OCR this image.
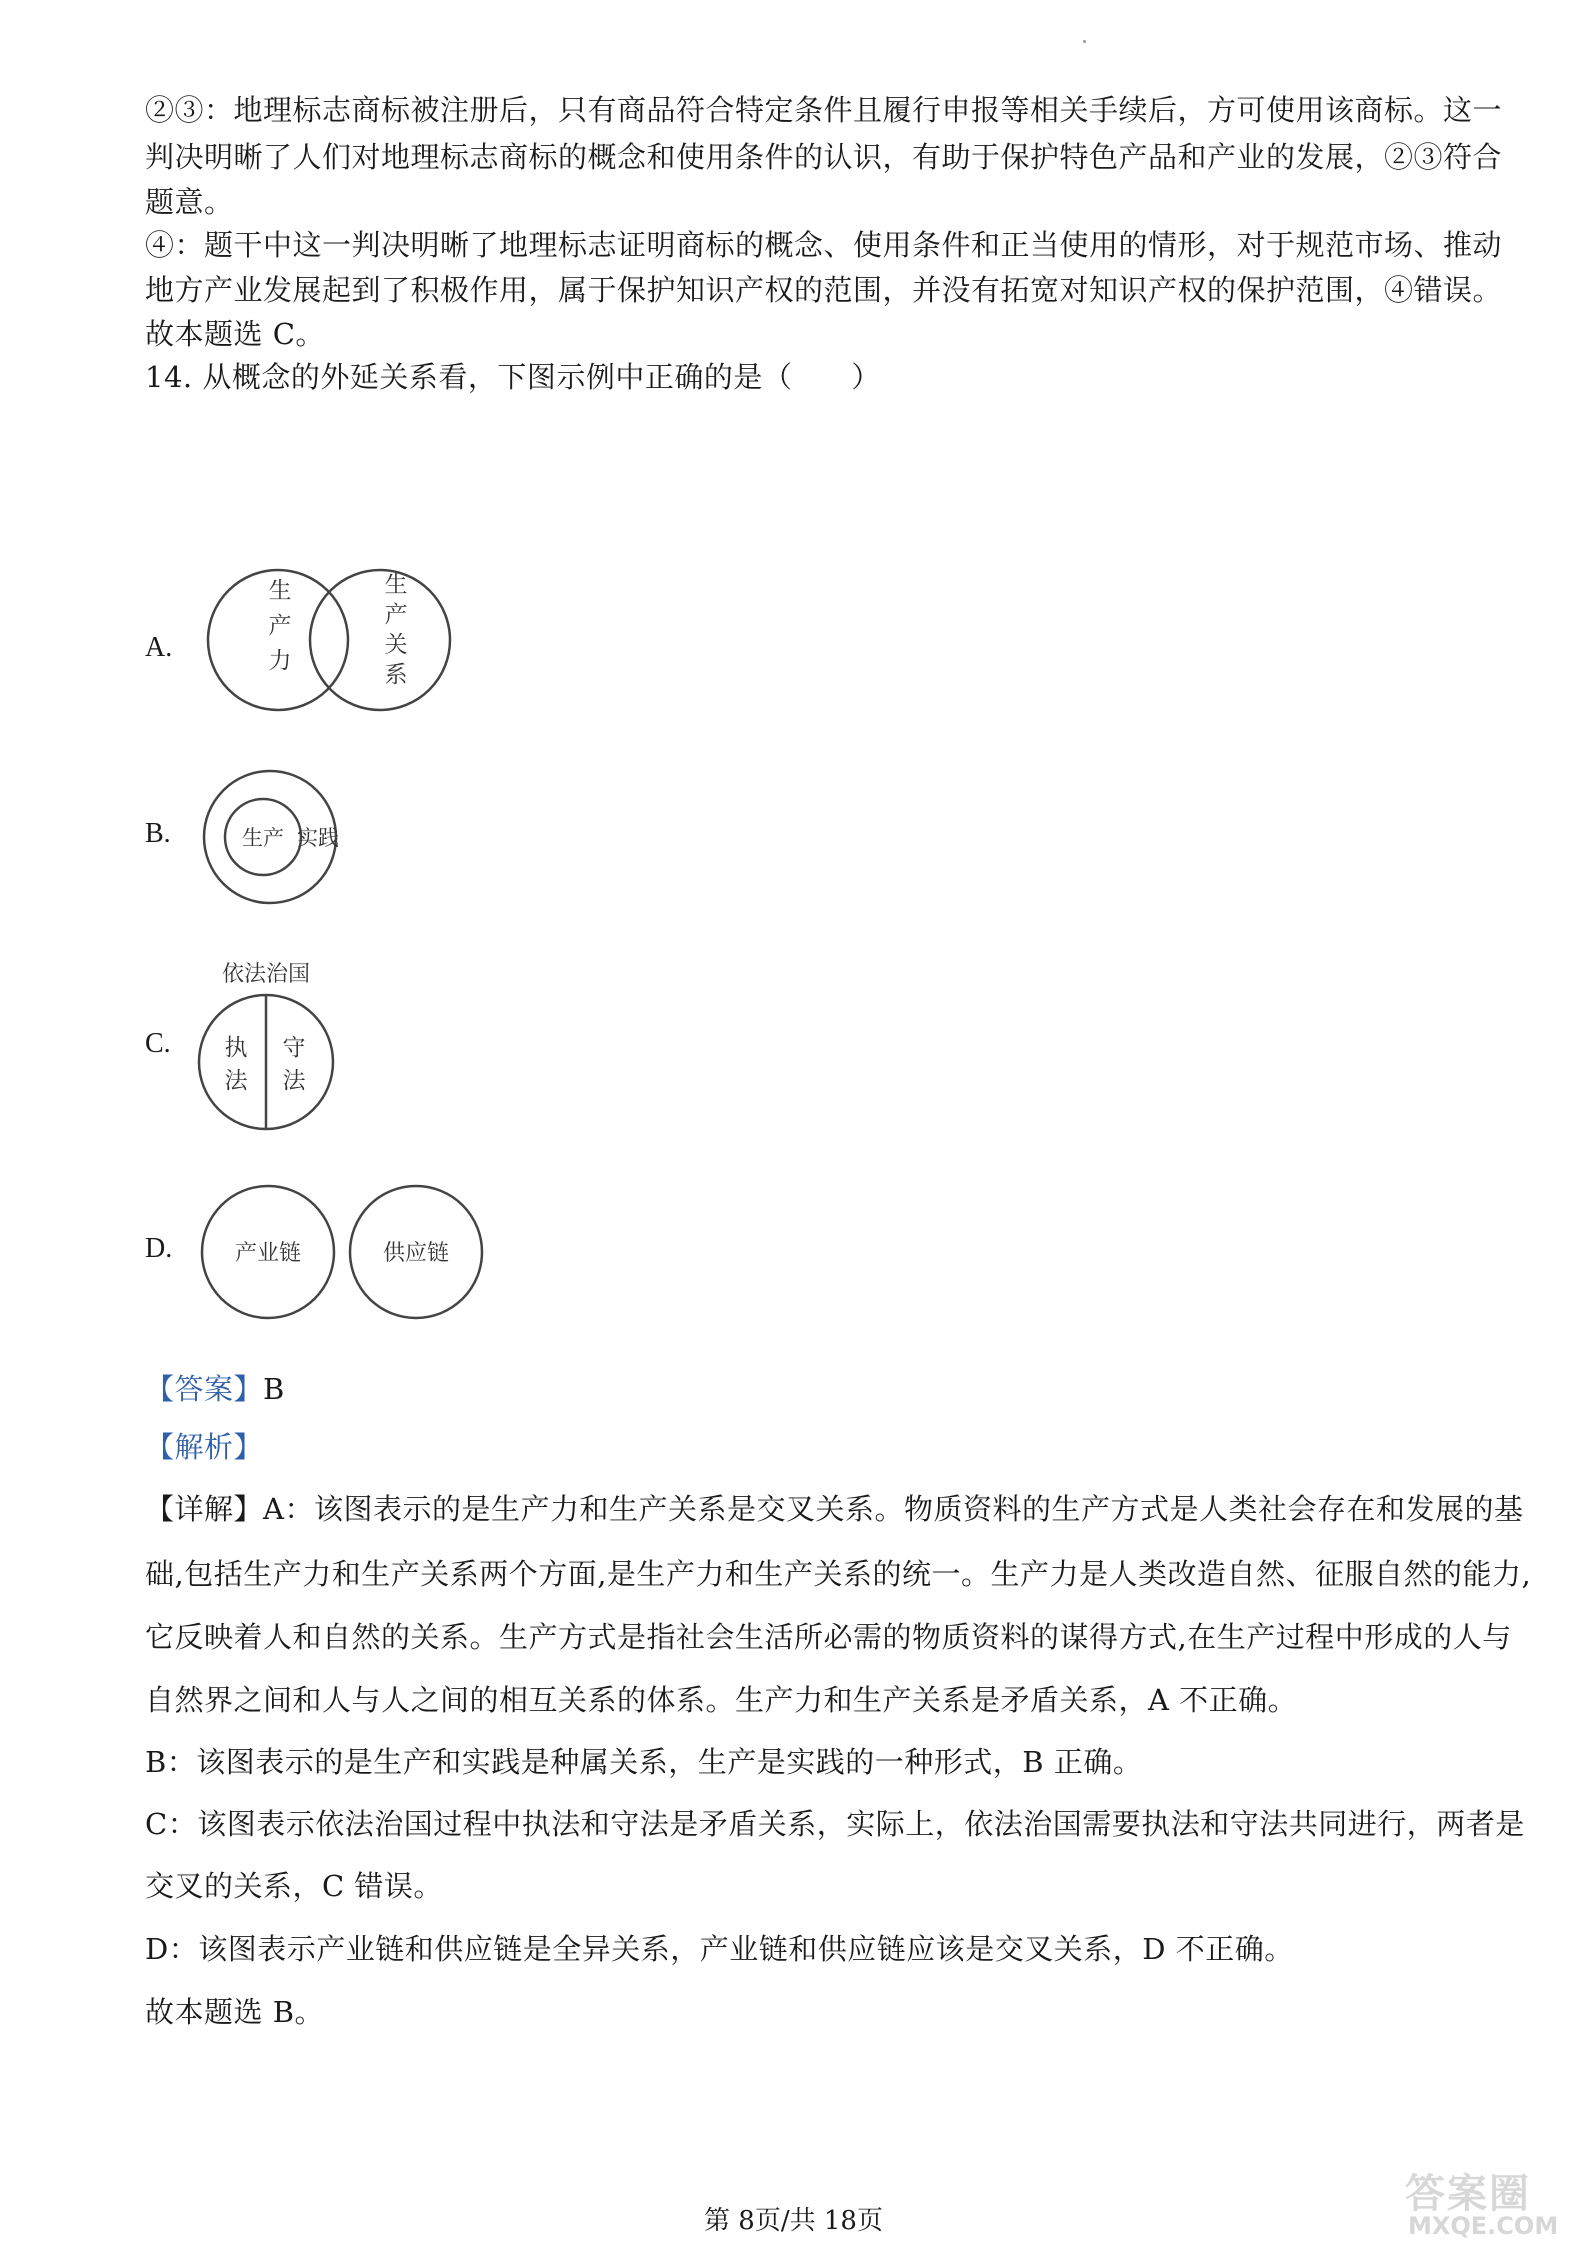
②③：地理标志商标被注册后，只有商品符合特定条件且履行申报等相关手续后，方可使用该商标。这一
判决明晰了人们对地理标志商标的概念和使用条件的认识，有助于保护特色产品和产业的发展，②③符合
题意。
④：题干中这一判决明晰了地理标志证明商标的概念、使用条件和正当使用的情形，对于规范市场、推动
地方产业发展起到了积极作用，属于保护知识产权的范围，并没有拓宽对知识产权的保护范围，④错误。
故本题选 C。
14. 从概念的外延关系看，下图示例中正确的是（　　）
A.
生
产
力
生
产
关
系
B.	生产 实践
C.
依法治国
执
法
守
法
D.	产业链	供应链
【答案】B
【解析】
【详解】A：该图表示的是生产力和生产关系是交叉关系。物质资料的生产方式是人类社会存在和发展的基
础,包括生产力和生产关系两个方面,是生产力和生产关系的统一。生产力是人类改造自然、征服自然的能力,
它反映着人和自然的关系。生产方式是指社会生活所必需的物质资料的谋得方式,在生产过程中形成的人与
自然界之间和人与人之间的相互关系的体系。生产力和生产关系是矛盾关系，A 不正确。
B：该图表示的是生产和实践是种属关系，生产是实践的一种形式，B 正确。
C：该图表示依法治国过程中执法和守法是矛盾关系，实际上，依法治国需要执法和守法共同进行，两者是
交叉的关系，C 错误。
D：该图表示产业链和供应链是全异关系，产业链和供应链应该是交叉关系，D 不正确。
故本题选 B。
第 8页/共 18页
答案圈
MXQE.COM
